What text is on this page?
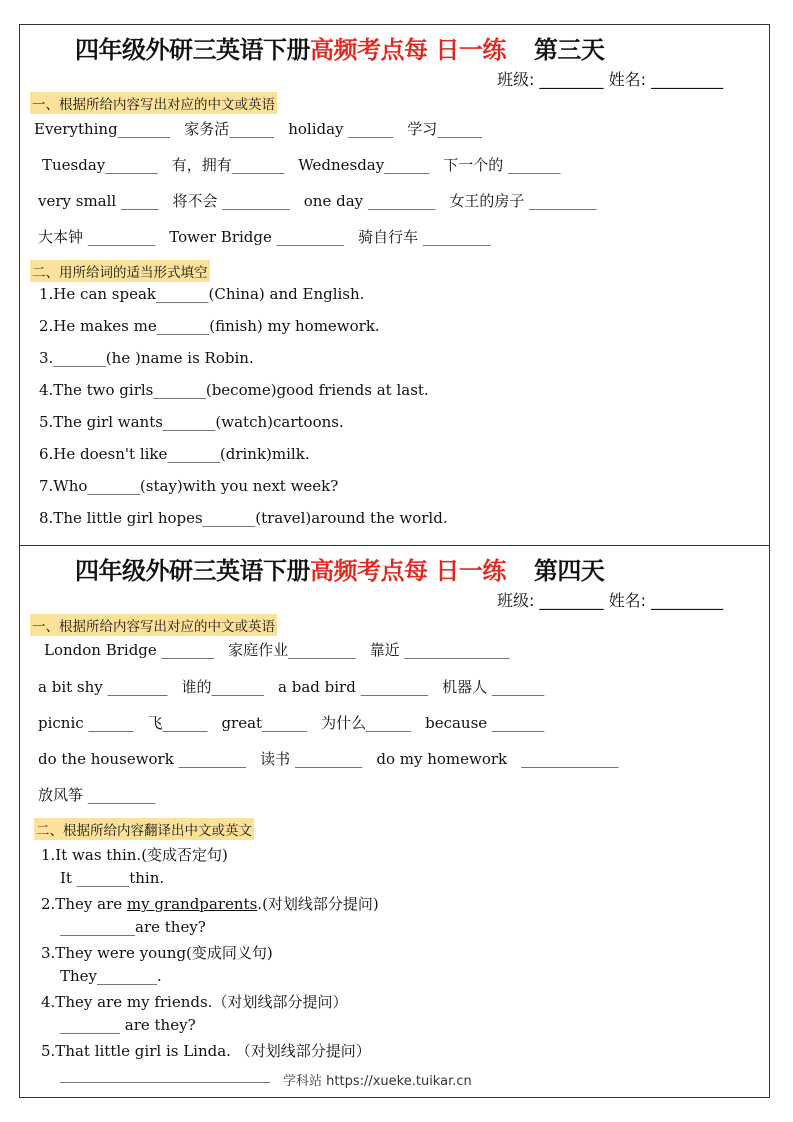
四年级外研三英语下册高频考点每 日一练 第三天
班级: ________ 姓名: _________
一、根据所给内容写出对应的中文或英语
Everything_______ 家务活______ holiday ______ 学习______
Tuesday_______ 有，拥有_______ Wednesday______ 下一个的 _______
very small _____ 将不会 _________ one day _________ 女王的房子 _________
大本钟 _________ Tower Bridge _________ 骑自行车 _________
二、用所给词的适当形式填空
1.He can speak_______(China) and English.
2.He makes me_______(finish) my homework.
3._______(he )name is Robin.
4.The two girls_______(become)good friends at last.
5.The girl wants_______(watch)cartoons.
6.He doesn't like_______(drink)milk.
7.Who_______(stay)with you next week?
8.The little girl hopes_______(travel)around the world.
四年级外研三英语下册高频考点每 日一练 第四天
班级: ________ 姓名: _________
一、根据所给内容写出对应的中文或英语
London Bridge _______ 家庭作业_________ 靠近 ______________
a bit shy ________ 谁的_______ a bad bird _________ 机器人 _______
picnic ______ 飞______ great______ 为什么______ because _______
do the housework _________ 读书 _________ do my homework _____________
放风筝 _________
二、根据所给内容翻译出中文或英文
1.It was thin.(变成否定句)
It _______thin.
2.They are my grandparents.(对划线部分提问)
__________are they?
3.They were young(变成同义句)
They________.
4.They are my friends.（对划线部分提问）
________ are they?
5.That little girl is Linda. （对划线部分提问）
____________________________ 学科站 https://xueke.tuikar.cn
